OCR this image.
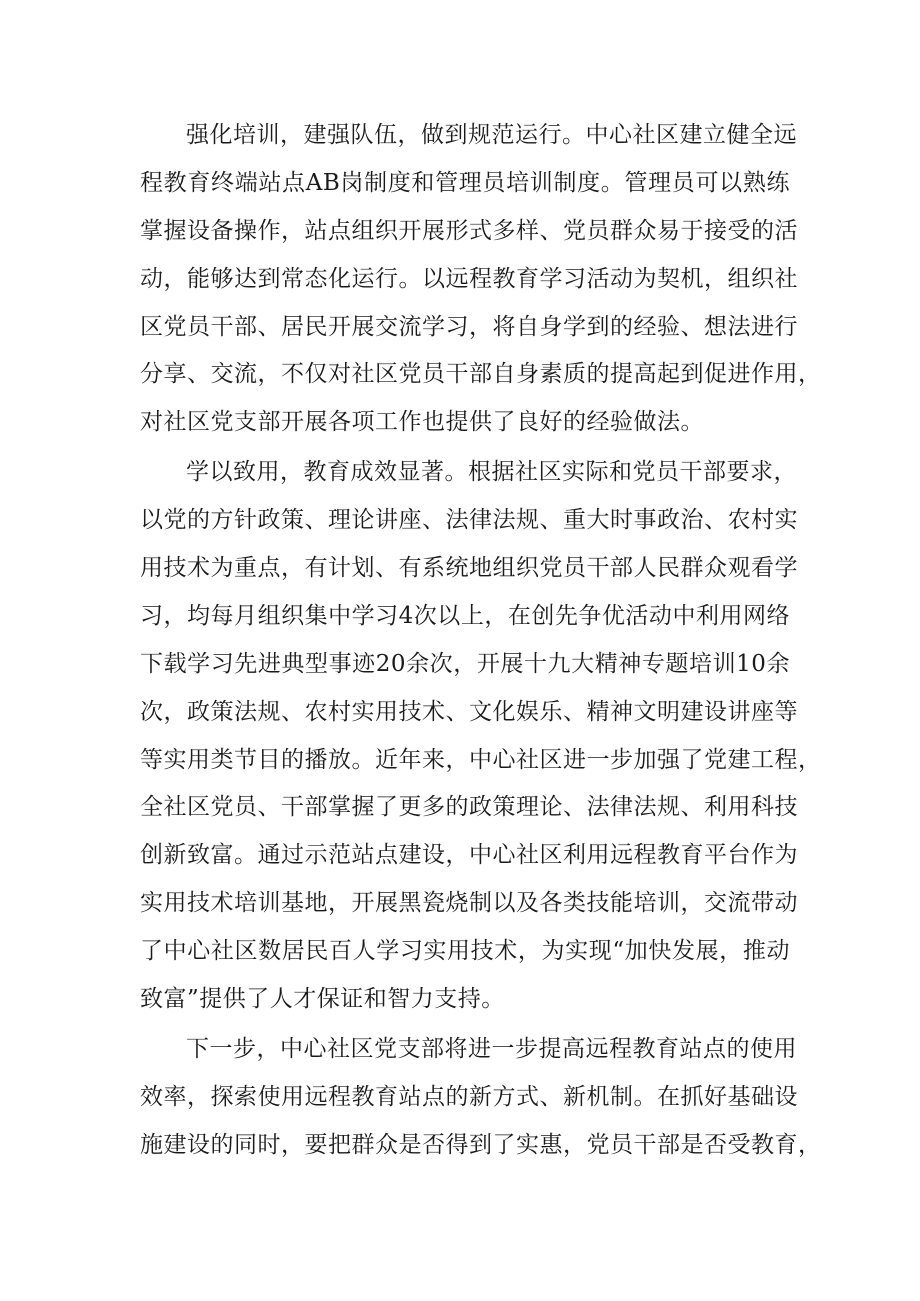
强化培训，建强队伍，做到规范运行。中心社区建立健全远
程教育终端站点AB岗制度和管理员培训制度。管理员可以熟练
掌握设备操作，站点组织开展形式多样、党员群众易于接受的活
动，能够达到常态化运行。以远程教育学习活动为契机，组织社
区党员干部、居民开展交流学习，将自身学到的经验、想法进行
分享、交流，不仅对社区党员干部自身素质的提高起到促进作用，
对社区党支部开展各项工作也提供了良好的经验做法。
学以致用，教育成效显著。根据社区实际和党员干部要求，
以党的方针政策、理论讲座、法律法规、重大时事政治、农村实
用技术为重点，有计划、有系统地组织党员干部人民群众观看学
习，均每月组织集中学习4次以上，在创先争优活动中利用网络
下载学习先进典型事迹20余次，开展十九大精神专题培训10余
次，政策法规、农村实用技术、文化娱乐、精神文明建设讲座等
等实用类节目的播放。近年来，中心社区进一步加强了党建工程，
全社区党员、干部掌握了更多的政策理论、法律法规、利用科技
创新致富。通过示范站点建设，中心社区利用远程教育平台作为
实用技术培训基地，开展黑瓷烧制以及各类技能培训，交流带动
了中心社区数居民百人学习实用技术，为实现“加快发展，推动
致富”提供了人才保证和智力支持。
下一步，中心社区党支部将进一步提高远程教育站点的使用
效率，探索使用远程教育站点的新方式、新机制。在抓好基础设
施建设的同时，要把群众是否得到了实惠，党员干部是否受教育，
